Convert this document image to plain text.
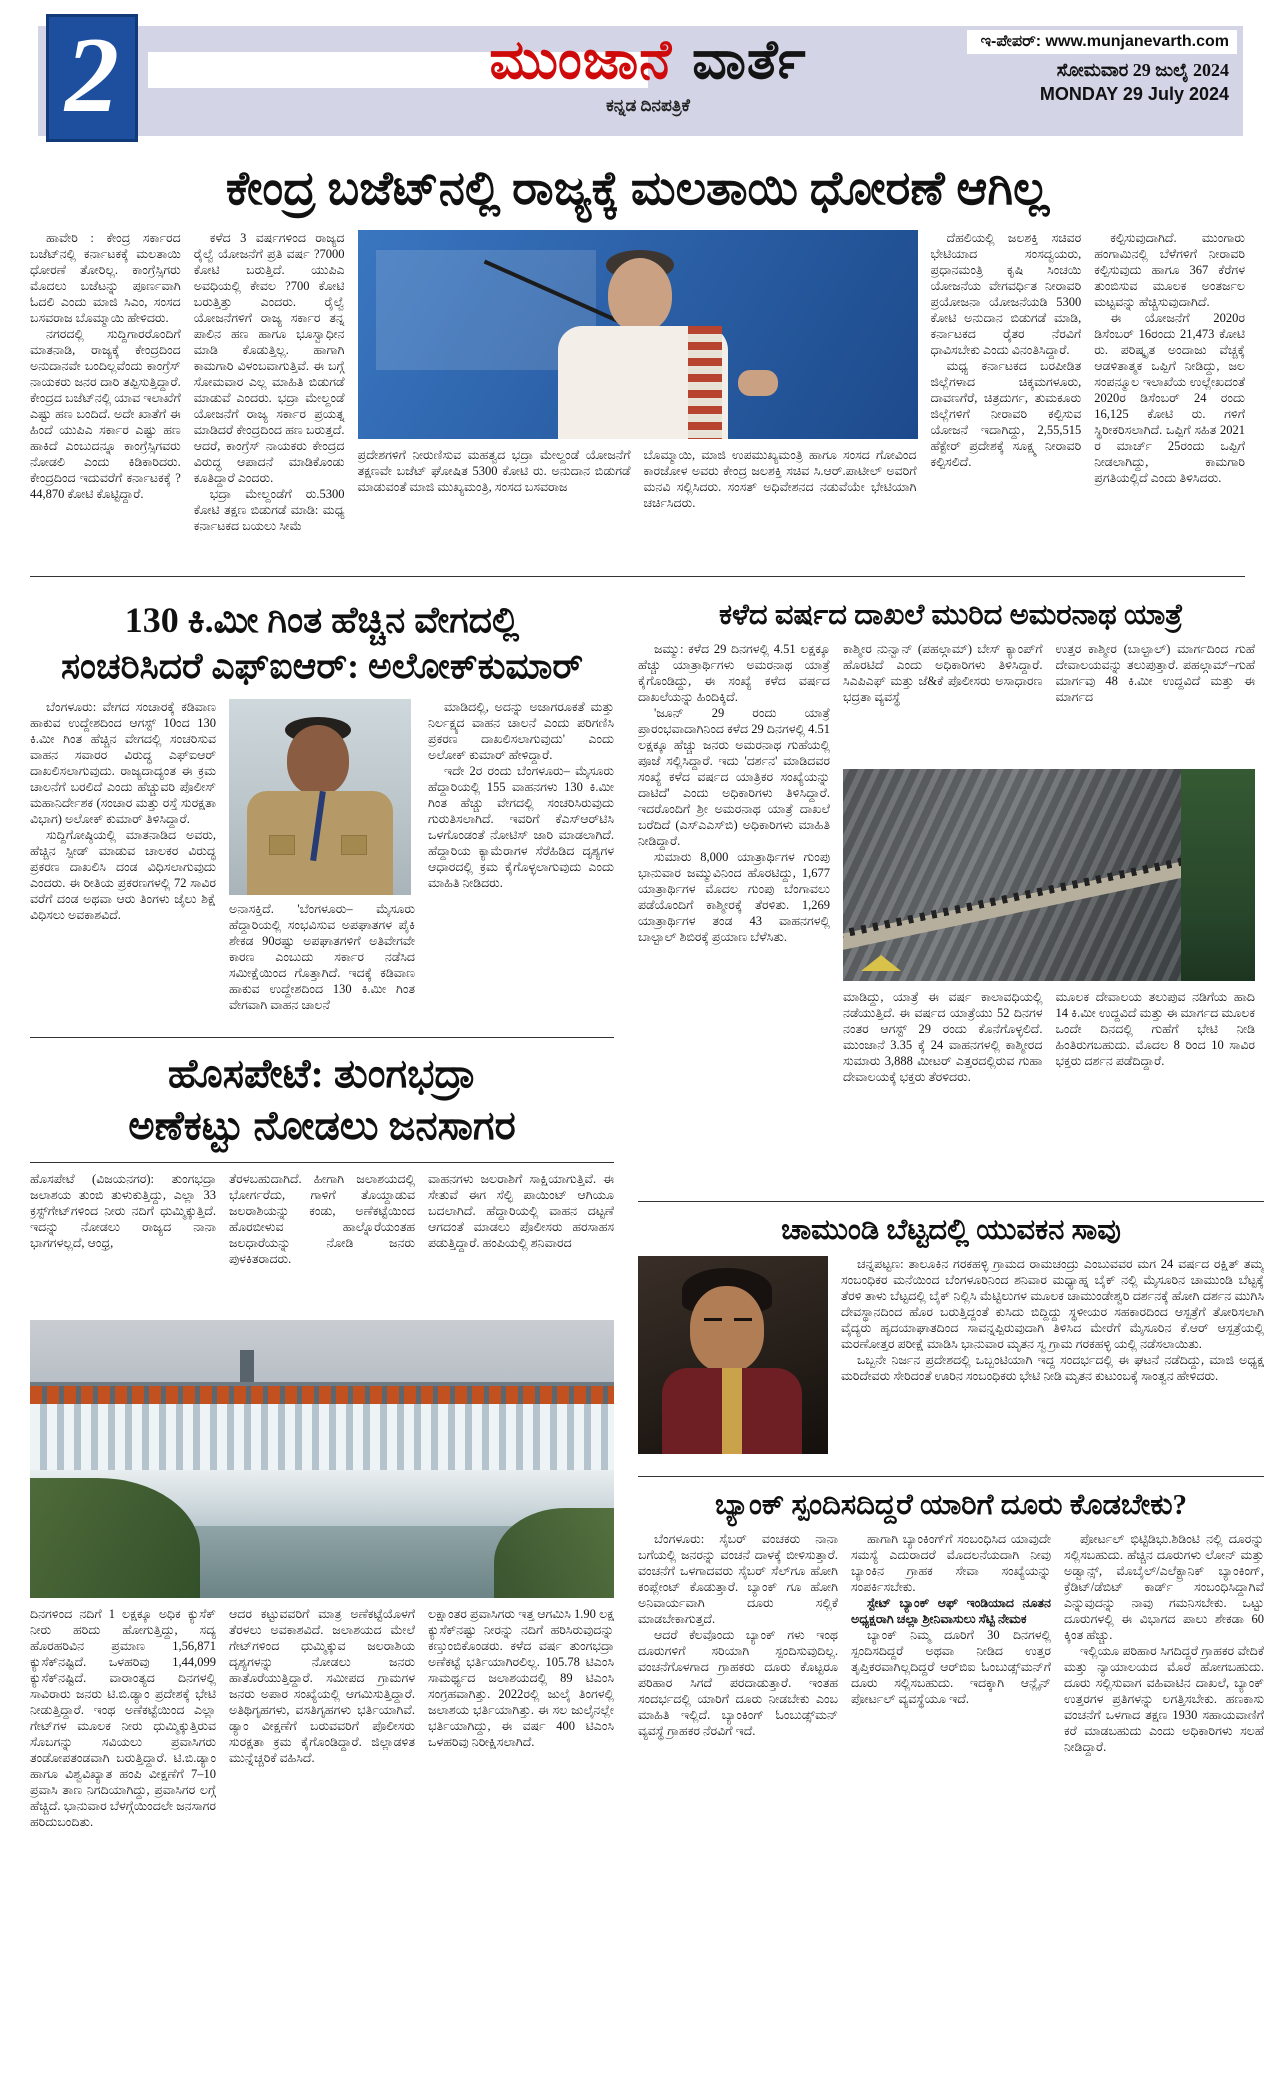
2	ಮುಂಜಾನೆ ವಾರ್ತೆ
ಕನ್ನಡ ದಿನಪತ್ರಿಕೆ
ಇ-ಪೇಪರ್: www.munjanevarth.com
ಸೋಮವಾರ 29 ಜುಲೈ 2024
MONDAY 29 July 2024
ಕೇಂದ್ರ ಬಜೆಟ್‌ನಲ್ಲಿ ರಾಜ್ಯಕ್ಕೆ ಮಲತಾಯಿ ಧೋರಣೆ ಆಗಿಲ್ಲ

ಹಾವೇರಿ : ಕೇಂದ್ರ ಸರ್ಕಾರದ ಬಜೆಟ್‌ನಲ್ಲಿ ಕರ್ನಾಟಕಕ್ಕೆ ಮಲತಾಯಿ ಧೋರಣೆ ತೋರಿಲ್ಲ. ಕಾಂಗ್ರೆಸ್ಸಿಗರು ಮೊದಲು ಬಜೆಟನ್ನು ಪೂರ್ಣವಾಗಿ ಓದಲಿ ಎಂದು ಮಾಜಿ ಸಿಎಂ, ಸಂಸದ ಬಸವರಾಜ ಬೊಮ್ಮಾಯಿ ಹೇಳಿದರು.

ನಗರದಲ್ಲಿ ಸುದ್ದಿಗಾರರೊಂದಿಗೆ ಮಾತನಾಡಿ, ರಾಜ್ಯಕ್ಕೆ ಕೇಂದ್ರದಿಂದ ಅನುದಾನವೇ ಬಂದಿಲ್ಲವೆಂದು ಕಾಂಗ್ರೆಸ್ ನಾಯಕರು ಜನರ ದಾರಿ ತಪ್ಪಿಸುತ್ತಿದ್ದಾರೆ. ಕೇಂದ್ರದ ಬಜೆಟ್‌ನಲ್ಲಿ ಯಾವ ಇಲಾಖೆಗೆ ಎಷ್ಟು ಹಣ ಬಂದಿದೆ. ಅದೇ ಖಾತೆಗೆ ಈ ಹಿಂದೆ ಯುಪಿಎ ಸರ್ಕಾರ ಎಷ್ಟು ಹಣ ಹಾಕಿದೆ ಎಂಬುದನ್ನೂ ಕಾಂಗ್ರೆಸ್ಸಿಗವರು ನೋಡಲಿ ಎಂದು ಕಿಡಿಕಾರಿದರು. ಕೇಂದ್ರದಿಂದ ಇದುವರೆಗೆ ಕರ್ನಾಟಕಕ್ಕೆ ?44,870 ಕೋಟಿ ಕೊಟ್ಟಿದ್ದಾರೆ.

ಕಳೆದ 3 ವರ್ಷಗಳಿಂದ ರಾಜ್ಯದ ರೈಲ್ವೆ ಯೋಜನೆಗೆ ಪ್ರತಿ ವರ್ಷ ?7000 ಕೋಟಿ ಬರುತ್ತಿದೆ. ಯುಪಿಎ ಅವಧಿಯಲ್ಲಿ ಕೇವಲ ?700 ಕೋಟಿ ಬರುತ್ತಿತ್ತು ಎಂದರು. ರೈಲ್ವೆ ಯೋಜನೆಗಳಿಗೆ ರಾಜ್ಯ ಸರ್ಕಾರ ತನ್ನ ಪಾಲಿನ ಹಣ ಹಾಗೂ ಭೂಸ್ವಾಧೀನ ಮಾಡಿ ಕೊಡುತ್ತಿಲ್ಲ. ಹಾಗಾಗಿ ಕಾಮಗಾರಿ ವಿಳಂಬವಾಗುತ್ತಿವೆ. ಈ ಬಗ್ಗೆ ಸೋಮವಾರ ಎಲ್ಲ ಮಾಹಿತಿ ಬಿಡುಗಡೆ ಮಾಡುವೆ ಎಂದರು. ಭದ್ರಾ ಮೇಲ್ದಂಡೆ ಯೋಜನೆಗೆ ರಾಜ್ಯ ಸರ್ಕಾರ ಪ್ರಯತ್ನ ಮಾಡಿದರೆ ಕೇಂದ್ರದಿಂದ ಹಣ ಬರುತ್ತದೆ. ಆದರೆ, ಕಾಂಗ್ರೆಸ್ ನಾಯಕರು ಕೇಂದ್ರದ ವಿರುದ್ಧ ಆಪಾದನೆ ಮಾಡಿಕೊಂಡು ಕೂತಿದ್ದಾರೆ ಎಂದರು.

ಭದ್ರಾ ಮೇಲ್ದಂಡೆಗೆ ರು.5300 ಕೋಟಿ ತಕ್ಷಣ ಬಿಡುಗಡೆ ಮಾಡಿ: ಮಧ್ಯ ಕರ್ನಾಟಕದ ಬಯಲು ಸೀಮೆ

ಪ್ರದೇಶಗಳಿಗೆ ನೀರುಣಿಸುವ ಮಹತ್ವದ ಭದ್ರಾ ಮೇಲ್ದಂಡೆ ಯೋಜನೆಗೆ ತಕ್ಷಣವೇ ಬಜೆಟ್ ಘೋಷಿತ 5300 ಕೋಟಿ ರು. ಅನುದಾನ ಬಿಡುಗಡೆ ಮಾಡುವಂತೆ ಮಾಜಿ ಮುಖ್ಯಮಂತ್ರಿ, ಸಂಸದ ಬಸವರಾಜ
ಬೊಮ್ಮಾಯಿ, ಮಾಜಿ ಉಪಮುಖ್ಯಮಂತ್ರಿ ಹಾಗೂ ಸಂಸದ ಗೋವಿಂದ ಕಾರಜೋಳ ಅವರು ಕೇಂದ್ರ ಜಲಶಕ್ತಿ ಸಚಿವ ಸಿ.ಆರ್.ಪಾಟೀಲ್ ಅವರಿಗೆ ಮನವಿ ಸಲ್ಲಿಸಿದರು. ಸಂಸತ್ ಅಧಿವೇಶನದ ನಡುವೆಯೇ ಭೇಟಿಯಾಗಿ ಚರ್ಚಿಸಿದರು.

ದೆಹಲಿಯಲ್ಲಿ ಜಲಶಕ್ತಿ ಸಚಿವರ ಭೇಟಿಯಾದ ಸಂಸದ್ವಯರು, ಪ್ರಧಾನಮಂತ್ರಿ ಕೃಷಿ ಸಿಂಚಯಿ ಯೋಜನೆಯ ವೇಗವರ್ಧಿತ ನೀರಾವರಿ ಪ್ರಯೋಜನಾ ಯೋಜನೆಯಡಿ 5300 ಕೋಟಿ ಅನುದಾನ ಬಿಡುಗಡೆ ಮಾಡಿ, ಕರ್ನಾಟಕದ ರೈತರ ನೆರವಿಗೆ ಧಾವಿಸಬೇಕು ಎಂದು ವಿನಂತಿಸಿದ್ದಾರೆ.

ಮಧ್ಯ ಕರ್ನಾಟಕದ ಬರಪೀಡಿತ ಜಿಲ್ಲೆಗಳಾದ ಚಿಕ್ಕಮಗಳೂರು, ದಾವಣಗೆರೆ, ಚಿತ್ರದುರ್ಗ, ತುಮಕೂರು ಜಿಲ್ಲೆಗಳಿಗೆ ನೀರಾವರಿ ಕಲ್ಪಿಸುವ ಯೋಜನೆ ಇದಾಗಿದ್ದು, 2,55,515 ಹೆಕ್ಟೇರ್ ಪ್ರದೇಶಕ್ಕೆ ಸೂಕ್ಷ್ಮ ನೀರಾವರಿ ಕಲ್ಪಿಸಲಿದೆ.

ಕಲ್ಪಿಸುವುದಾಗಿದೆ. ಮುಂಗಾರು ಹಂಗಾಮಿನಲ್ಲಿ ಬೆಳೆಗಳಿಗೆ ನೀರಾವರಿ ಕಲ್ಪಿಸುವುದು ಹಾಗೂ 367 ಕೆರೆಗಳ ತುಂಬಿಸುವ ಮೂಲಕ ಅಂತರ್ಜಲ ಮಟ್ಟವನ್ನು ಹೆಚ್ಚಿಸುವುದಾಗಿದೆ.

ಈ ಯೋಜನೆಗೆ 2020ರ ಡಿಸೆಂಬರ್ 16ರಂದು 21,473 ಕೋಟಿ ರು. ಪರಿಷ್ಕೃತ ಅಂದಾಜು ವೆಚ್ಚಕ್ಕೆ ಆಡಳಿತಾತ್ಮಕ ಒಪ್ಪಿಗೆ ನೀಡಿದ್ದು, ಜಲ ಸಂಪನ್ಮೂಲ ಇಲಾಖೆಯ ಉಲ್ಲೇಖದಂತೆ 2020ರ ಡಿಸೆಂಬರ್ 24 ರಂದು 16,125 ಕೋಟಿ ರು. ಗಳಿಗೆ ಸ್ಥಿರೀಕರಿಸಲಾಗಿದೆ. ಒಪ್ಪಿಗೆ ಸಹಿತ 2021 ರ ಮಾರ್ಚ್ 25ರಂದು ಒಪ್ಪಿಗೆ ನೀಡಲಾಗಿದ್ದು, ಕಾಮಗಾರಿ ಪ್ರಗತಿಯಲ್ಲಿದೆ ಎಂದು ತಿಳಿಸಿದರು.

130 ಕಿ.ಮೀ ಗಿಂತ ಹೆಚ್ಚಿನ ವೇಗದಲ್ಲಿ
ಸಂಚರಿಸಿದರೆ ಎಫ್‌ಐಆರ್: ಅಲೋಕ್‌ಕುಮಾರ್

ಬೆಂಗಳೂರು: ವೇಗದ ಸಂಚಾರಕ್ಕೆ ಕಡಿವಾಣ ಹಾಕುವ ಉದ್ದೇಶದಿಂದ ಆಗಸ್ಟ್ 10ಂದ 130 ಕಿ.ಮೀ ಗಿಂತ ಹೆಚ್ಚಿನ ವೇಗದಲ್ಲಿ ಸಂಚರಿಸುವ ವಾಹನ ಸವಾರರ ವಿರುದ್ಧ ಎಫ್‌ಐಆರ್ ದಾಖಲಿಸಲಾಗುವುದು. ರಾಜ್ಯದಾದ್ಯಂತ ಈ ಕ್ರಮ ಚಾಲನೆಗೆ ಬರಲಿದೆ ಎಂದು ಹೆಚ್ಚುವರಿ ಪೊಲೀಸ್ ಮಹಾನಿರ್ದೇಶಕ (ಸಂಚಾರ ಮತ್ತು ರಸ್ತೆ ಸುರಕ್ಷತಾ ವಿಭಾಗ) ಅಲೋಕ್ ಕುಮಾರ್ ತಿಳಿಸಿದ್ದಾರೆ.

ಸುದ್ದಿಗೋಷ್ಠಿಯಲ್ಲಿ ಮಾತನಾಡಿದ ಅವರು, ಹೆಚ್ಚಿನ ಸ್ಪೀಡ್ ಮಾಡುವ ಚಾಲಕರ ವಿರುದ್ಧ ಪ್ರಕರಣ ದಾಖಲಿಸಿ ದಂಡ ವಿಧಿಸಲಾಗುವುದು ಎಂದರು. ಈ ರೀತಿಯ ಪ್ರಕರಣಗಳಲ್ಲಿ 72 ಸಾವಿರ ವರೆಗೆ ದಂಡ ಅಥವಾ ಆರು ತಿಂಗಳು ಜೈಲು ಶಿಕ್ಷೆ ವಿಧಿಸಲು ಅವಕಾಶವಿದೆ.	ಅನಾಸಕ್ತಿದೆ. 'ಬೆಂಗಳೂರು– ಮೈಸೂರು ಹೆದ್ದಾರಿಯಲ್ಲಿ ಸಂಭವಿಸುವ ಅಪಘಾತಗಳ ಪೈಕಿ ಶೇಕಡ 90ರಷ್ಟು ಅಪಘಾತಗಳಿಗೆ ಅತಿವೇಗವೇ ಕಾರಣ ಎಂಬುದು ಸರ್ಕಾರ ನಡೆಸಿದ ಸಮೀಕ್ಷೆಯಿಂದ ಗೊತ್ತಾಗಿದೆ. ಇದಕ್ಕೆ ಕಡಿವಾಣ ಹಾಕುವ ಉದ್ದೇಶದಿಂದ 130 ಕಿ.ಮೀ ಗಿಂತ ವೇಗವಾಗಿ ವಾಹನ ಚಾಲನೆ

ಮಾಡಿದಲ್ಲಿ, ಅದನ್ನು ಅಜಾಗರೂಕತೆ ಮತ್ತು ನಿರ್ಲಕ್ಷ್ಯದ ವಾಹನ ಚಾಲನೆ ಎಂದು ಪರಿಗಣಿಸಿ ಪ್ರಕರಣ ದಾಖಲಿಸಲಾಗುವುದು' ಎಂದು ಅಲೋಕ್ ಕುಮಾರ್ ಹೇಳಿದ್ದಾರೆ.

ಇದೇ 2ರ ರಂದು ಬೆಂಗಳೂರು– ಮೈಸೂರು ಹೆದ್ದಾರಿಯಲ್ಲಿ 155 ವಾಹನಗಳು 130 ಕಿ.ಮೀ ಗಿಂತ ಹೆಚ್ಚು ವೇಗದಲ್ಲಿ ಸಂಚರಿಸಿರುವುದು ಗುರುತಿಸಲಾಗಿದೆ. ಇವರಿಗೆ ಕೆಎಸ್‌ಆರ್‌ಟಿಸಿ ಒಳಗೊಂಡಂತೆ ನೋಟಿಸ್ ಜಾರಿ ಮಾಡಲಾಗಿದೆ. ಹೆದ್ದಾರಿಯ ಕ್ಯಾಮೆರಾಗಳ ಸೆರೆಹಿಡಿದ ದೃಶ್ಯಗಳ ಆಧಾರದಲ್ಲಿ ಕ್ರಮ ಕೈಗೊಳ್ಳಲಾಗುವುದು ಎಂದು ಮಾಹಿತಿ ನೀಡಿದರು.

ಹೊಸಪೇಟೆ: ತುಂಗಭದ್ರಾ
ಅಣೆಕಟ್ಟು ನೋಡಲು ಜನಸಾಗರ
ಹೊಸಪೇಟೆ (ವಿಜಯನಗರ): ತುಂಗಭದ್ರಾ ಜಲಾಶಯ ತುಂಬಿ ತುಳುಕುತ್ತಿದ್ದು, ಎಲ್ಲಾ 33 ಕ್ರಸ್ಟ್‌ಗೇಟ್‌ಗಳಿಂದ ನೀರು ನದಿಗೆ ಧುಮ್ಮಿಕ್ಕುತ್ತಿದೆ. ಇದನ್ನು ನೋಡಲು ರಾಜ್ಯದ ನಾನಾ ಭಾಗಗಳಲ್ಲದೆ, ಆಂಧ್ರ,
ತೆರಳಬಹುದಾಗಿದೆ. ಹೀಗಾಗಿ ಜಲಾಶಯದಲ್ಲಿ ಭೋರ್ಗರೆದು, ಗಾಳಿಗೆ ತೊಯ್ದಾಡುವ ಜಲರಾಶಿಯನ್ನು ಕಂಡು, ಅಣೆಕಟ್ಟೆಯಿಂದ ಹೊರಬೀಳುವ ಹಾಲ್ನೊರೆಯಂತಹ ಜಲಧಾರೆಯನ್ನು ನೋಡಿ ಜನರು ಪುಳಕಿತರಾದರು.
ವಾಹನಗಳು ಜಲರಾಶಿಗೆ ಸಾಕ್ಷಿಯಾಗುತ್ತಿವೆ. ಈ ಸೇತುವೆ ಈಗ ಸೆಲ್ಫಿ ಪಾಯಿಂಟ್ ಆಗಿಯೂ ಬದಲಾಗಿದೆ. ಹೆದ್ದಾರಿಯಲ್ಲಿ ವಾಹನ ದಟ್ಟಣೆ ಆಗದಂತೆ ಮಾಡಲು ಪೊಲೀಸರು ಹರಸಾಹಸ ಪಡುತ್ತಿದ್ದಾರೆ. ಹಂಪಿಯಲ್ಲಿ ಶನಿವಾರದ
ದಿನಗಳಿಂದ ನದಿಗೆ 1 ಲಕ್ಷಕ್ಕೂ ಅಧಿಕ ಕ್ಯುಸೆಕ್ ನೀರು ಹರಿದು ಹೋಗುತ್ತಿದ್ದು, ಸದ್ಯ ಹೊರಹರಿವಿನ ಪ್ರಮಾಣ 1,56,871 ಕ್ಯುಸೆಕ್‌ನಷ್ಟಿದೆ. ಒಳಹರಿವು 1,44,099 ಕ್ಯುಸೆಕ್‌ನಷ್ಟಿದೆ. ವಾರಾಂತ್ಯದ ದಿನಗಳಲ್ಲಿ ಸಾವಿರಾರು ಜನರು ಟಿ.ಬಿ.ಡ್ಯಾಂ ಪ್ರದೇಶಕ್ಕೆ ಭೇಟಿ ನೀಡುತ್ತಿದ್ದಾರೆ. ಇಂಥ ಅಣೆಕಟ್ಟೆಯಿಂದ ಎಲ್ಲಾ ಗೇಟ್‌ಗಳ ಮೂಲಕ ನೀರು ಧುಮ್ಮಿಕ್ಕುತ್ತಿರುವ ಸೊಬಗನ್ನು ಸವಿಯಲು ಪ್ರವಾಸಿಗರು ತಂಡೋಪತಂಡವಾಗಿ ಬರುತ್ತಿದ್ದಾರೆ. ಟಿ.ಬಿ.ಡ್ಯಾಂ ಹಾಗೂ ವಿಶ್ವವಿಖ್ಯಾತ ಹಂಪಿ ವೀಕ್ಷಣೆಗೆ 7–10 ಪ್ರವಾಸಿ ತಾಣ ನಿಗದಿಯಾಗಿದ್ದು, ಪ್ರವಾಸಿಗರ ಲಗ್ಗೆ ಹೆಚ್ಚಿದೆ. ಭಾನುವಾರ ಬೆಳಗ್ಗೆಯಿಂದಲೇ ಜನಸಾಗರ ಹರಿದುಬಂದಿತು.
ಆದರ ಕಟ್ಟುವವರಿಗೆ ಮಾತ್ರ ಅಣೆಕಟ್ಟೆಯೊಳಗೆ ತೆರಳಲು ಅವಕಾಶವಿದೆ. ಜಲಾಶಯದ ಮೇಲೆ ಗೇಟ್‌ಗಳಿಂದ ಧುಮ್ಮಿಕ್ಕುವ ಜಲರಾಶಿಯ ದೃಶ್ಯಗಳನ್ನು ನೋಡಲು ಜನರು ಹಾತೊರೆಯುತ್ತಿದ್ದಾರೆ. ಸಮೀಪದ ಗ್ರಾಮಗಳ ಜನರು ಅಪಾರ ಸಂಖ್ಯೆಯಲ್ಲಿ ಆಗಮಿಸುತ್ತಿದ್ದಾರೆ. ಅತಿಥಿಗೃಹಗಳು, ವಸತಿಗೃಹಗಳು ಭರ್ತಿಯಾಗಿವೆ. ಡ್ಯಾಂ ವೀಕ್ಷಣೆಗೆ ಬರುವವರಿಗೆ ಪೊಲೀಸರು ಸುರಕ್ಷತಾ ಕ್ರಮ ಕೈಗೊಂಡಿದ್ದಾರೆ. ಜಿಲ್ಲಾಡಳಿತ ಮುನ್ನೆಚ್ಚರಿಕೆ ವಹಿಸಿದೆ.
ಲಕ್ಷಾಂತರ ಪ್ರವಾಸಿಗರು ಇತ್ತ ಆಗಮಿಸಿ 1.90 ಲಕ್ಷ ಕ್ಯುಸೆಕ್‌ನಷ್ಟು ನೀರನ್ನು ನದಿಗೆ ಹರಿಸಿರುವುದನ್ನು ಕಣ್ತುಂಬಿಕೊಂಡರು. ಕಳೆದ ವರ್ಷ ತುಂಗಭದ್ರಾ ಅಣೆಕಟ್ಟೆ ಭರ್ತಿಯಾಗಿರಲಿಲ್ಲ. 105.78 ಟಿಎಂಸಿ ಸಾಮರ್ಥ್ಯದ ಜಲಾಶಯದಲ್ಲಿ 89 ಟಿಎಂಸಿ ಸಂಗ್ರಹವಾಗಿತ್ತು. 2022ರಲ್ಲಿ ಜುಲೈ ತಿಂಗಳಲ್ಲಿ ಜಲಾಶಯ ಭರ್ತಿಯಾಗಿತ್ತು. ಈ ಸಲ ಜುಲೈನಲ್ಲೇ ಭರ್ತಿಯಾಗಿದ್ದು, ಈ ವರ್ಷ 400 ಟಿಎಂಸಿ ಒಳಹರಿವು ನಿರೀಕ್ಷಿಸಲಾಗಿದೆ.
ಕಳೆದ ವರ್ಷದ ದಾಖಲೆ ಮುರಿದ ಅಮರನಾಥ ಯಾತ್ರೆ

ಜಮ್ಮು: ಕಳೆದ 29 ದಿನಗಳಲ್ಲಿ 4.51 ಲಕ್ಷಕ್ಕೂ ಹೆಚ್ಚು ಯಾತ್ರಾರ್ಥಿಗಳು ಅಮರನಾಥ ಯಾತ್ರೆ ಕೈಗೊಂಡಿದ್ದು, ಈ ಸಂಖ್ಯೆ ಕಳೆದ ವರ್ಷದ ದಾಖಲೆಯನ್ನು ಹಿಂದಿಕ್ಕಿದೆ.

'ಜೂನ್ 29 ರಂದು ಯಾತ್ರೆ ಪ್ರಾರಂಭವಾದಾಗಿನಿಂದ ಕಳೆದ 29 ದಿನಗಳಲ್ಲಿ 4.51 ಲಕ್ಷಕ್ಕೂ ಹೆಚ್ಚು ಜನರು ಅಮರನಾಥ ಗುಹೆಯಲ್ಲಿ ಪೂಜೆ ಸಲ್ಲಿಸಿದ್ದಾರೆ. ಇದು 'ದರ್ಶನ' ಮಾಡಿದವರ ಸಂಖ್ಯೆ ಕಳೆದ ವರ್ಷದ ಯಾತ್ರಿಕರ ಸಂಖ್ಯೆಯನ್ನು ದಾಟಿದೆ' ಎಂದು ಅಧಿಕಾರಿಗಳು ತಿಳಿಸಿದ್ದಾರೆ. ಇದರೊಂದಿಗೆ ಶ್ರೀ ಅಮರನಾಥ ಯಾತ್ರೆ ದಾಖಲೆ ಬರೆದಿದೆ (ಎಸ್‌ಎಎಸ್‌ಬಿ) ಅಧಿಕಾರಿಗಳು ಮಾಹಿತಿ ನೀಡಿದ್ದಾರೆ.

ಸುಮಾರು 8,000 ಯಾತ್ರಾರ್ಥಿಗಳ ಗುಂಪು ಭಾನುವಾರ ಜಮ್ಮುವಿನಿಂದ ಹೊರಟಿದ್ದು, 1,677 ಯಾತ್ರಾರ್ಥಿಗಳ ಮೊದಲ ಗುಂಪು ಬೆಂಗಾವಲು ಪಡೆಯೊಂದಿಗೆ ಕಾಶ್ಮೀರಕ್ಕೆ ತೆರಳಿತು. 1,269 ಯಾತ್ರಾರ್ಥಿಗಳ ತಂಡ 43 ವಾಹನಗಳಲ್ಲಿ ಬಾಲ್ಟಾಲ್ ಶಿಬಿರಕ್ಕೆ ಪ್ರಯಾಣ ಬೆಳೆಸಿತು.

ಕಾಶ್ಮೀರ ನುನ್ವಾನ್ (ಪಹಲ್ಗಾಮ್) ಬೇಸ್ ಕ್ಯಾಂಪ್‌ಗೆ ಹೊರಟಿದೆ ಎಂದು ಅಧಿಕಾರಿಗಳು ತಿಳಿಸಿದ್ದಾರೆ. ಸಿಎಪಿಎಫ್ ಮತ್ತು ಜೆ&ಕೆ ಪೊಲೀಸರು ಅಸಾಧಾರಣ ಭದ್ರತಾ ವ್ಯವಸ್ಥೆ
ಉತ್ತರ ಕಾಶ್ಮೀರ (ಬಾಲ್ಟಾಲ್) ಮಾರ್ಗದಿಂದ ಗುಹೆ ದೇವಾಲಯವನ್ನು ತಲುಪುತ್ತಾರೆ. ಪಹಲ್ಗಾಮ್–ಗುಹೆ ಮಾರ್ಗವು 48 ಕಿ.ಮೀ ಉದ್ದವಿದೆ ಮತ್ತು ಈ ಮಾರ್ಗದ
ಮಾಡಿದ್ದು, ಯಾತ್ರೆ ಈ ವರ್ಷ ಕಾಲಾವಧಿಯಲ್ಲಿ ನಡೆಯುತ್ತಿದೆ. ಈ ವರ್ಷದ ಯಾತ್ರೆಯು 52 ದಿನಗಳ ನಂತರ ಆಗಸ್ಟ್ 29 ರಂದು ಕೊನೆಗೊಳ್ಳಲಿದೆ. ಮುಂಜಾನೆ 3.35 ಕ್ಕೆ 24 ವಾಹನಗಳಲ್ಲಿ ಕಾಶ್ಮೀರದ ಸುಮಾರು 3,888 ಮೀಟರ್ ಎತ್ತರದಲ್ಲಿರುವ ಗುಹಾ ದೇವಾಲಯಕ್ಕೆ ಭಕ್ತರು ತೆರಳಿದರು.
ಮೂಲಕ ದೇವಾಲಯ ತಲುಪುವ ನಡಿಗೆಯ ಹಾದಿ 14 ಕಿ.ಮೀ ಉದ್ದವಿದೆ ಮತ್ತು ಈ ಮಾರ್ಗದ ಮೂಲಕ ಒಂದೇ ದಿನದಲ್ಲಿ ಗುಹೆಗೆ ಭೇಟಿ ನೀಡಿ ಹಿಂತಿರುಗಬಹುದು. ಮೊದಲ 8 ರಿಂದ 10 ಸಾವಿರ ಭಕ್ತರು ದರ್ಶನ ಪಡೆದಿದ್ದಾರೆ.
ಚಾಮುಂಡಿ ಬೆಟ್ಟದಲ್ಲಿ ಯುವಕನ ಸಾವು

ಚನ್ನಪಟ್ಟಣ: ತಾಲೂಕಿನ ಗರಕಹಳ್ಳಿ ಗ್ರಾಮದ ರಾಮಚಂದ್ರು ಎಂಬುವವರ ಮಗ 24 ವರ್ಷದ ರಕ್ಷಿತ್ ತಮ್ಮ ಸಂಬಂಧಿಕರ ಮನೆಯಿಂದ ಬೆಂಗಳೂರಿನಿಂದ ಶನಿವಾರ ಮಧ್ಯಾಹ್ನ ಬೈಕ್ ನಲ್ಲಿ ಮೈಸೂರಿನ ಚಾಮುಂಡಿ ಬೆಟ್ಟಕ್ಕೆ ತೆರಳಿ ತಾಳು ಬೆಟ್ಟದಲ್ಲಿ ಬೈಕ್ ನಿಲ್ಲಿಸಿ ಮೆಟ್ಟಿಲುಗಳ ಮೂಲಕ ಚಾಮುಂಡೇಶ್ವರಿ ದರ್ಶನಕ್ಕೆ ಹೋಗಿ ದರ್ಶನ ಮುಗಿಸಿ ದೇವಸ್ಥಾನದಿಂದ ಹೊರ ಬರುತ್ತಿದ್ದಂತೆ ಕುಸಿದು ಬಿದ್ದಿದ್ದು ಸ್ಥಳೀಯರ ಸಹಕಾರದಿಂದ ಆಸ್ಪತ್ರೆಗೆ ತೋರಿಸಲಾಗಿ ವೈದ್ಯರು ಹೃದಯಾಘಾತದಿಂದ ಸಾವನ್ನಪ್ಪಿರುವುದಾಗಿ ತಿಳಿಸಿದ ಮೇರೆಗೆ ಮೈಸೂರಿನ ಕೆ.ಆರ್ ಆಸ್ಪತ್ರೆಯಲ್ಲಿ ಮರಣೋತ್ತರ ಪರೀಕ್ಷೆ ಮಾಡಿಸಿ ಭಾನುವಾರ ಮೃತನ ಸ್ವ ಗ್ರಾಮ ಗರಕಹಳ್ಳಿ ಯಲ್ಲಿ ನಡೆಸಲಾಯಿತು.

ಒಬ್ಬನೇ ನಿರ್ಜನ ಪ್ರದೇಶದಲ್ಲಿ ಒಬ್ಬಂಟಿಯಾಗಿ ಇದ್ದ ಸಂದರ್ಭದಲ್ಲಿ ಈ ಘಟನೆ ನಡೆದಿದ್ದು, ಮಾಜಿ ಅಧ್ಯಕ್ಷ ಮರಿದೇವರು ಸೇರಿದಂತೆ ಊರಿನ ಸಂಬಂಧಿಕರು ಭೇಟಿ ನೀಡಿ ಮೃತನ ಕುಟುಂಬಕ್ಕೆ ಸಾಂತ್ವನ ಹೇಳಿದರು.

ಬ್ಯಾಂಕ್ ಸ್ಪಂದಿಸದಿದ್ದರೆ ಯಾರಿಗೆ ದೂರು ಕೊಡಬೇಕು?

ಬೆಂಗಳೂರು: ಸೈಬರ್ ವಂಚಕರು ನಾನಾ ಬಗೆಯಲ್ಲಿ ಜನರನ್ನು ವಂಚನೆ ದಾಳಕ್ಕೆ ಬೀಳಿಸುತ್ತಾರೆ. ವಂಚನೆಗೆ ಒಳಗಾದವರು ಸೈಬರ್ ಸೆಲ್‌ಗೂ ಹೋಗಿ ಕಂಪ್ಲೇಂಟ್ ಕೊಡುತ್ತಾರೆ. ಬ್ಯಾಂಕ್ ಗೂ ಹೋಗಿ ಅನಿವಾರ್ಯವಾಗಿ ದೂರು ಸಲ್ಲಿಕೆ ಮಾಡಬೇಕಾಗುತ್ತದೆ.

ಆದರೆ ಕೆಲವೊಂದು ಬ್ಯಾಂಕ್ ಗಳು ಇಂಥ ದೂರುಗಳಿಗೆ ಸರಿಯಾಗಿ ಸ್ಪಂದಿಸುವುದಿಲ್ಲ. ವಂಚನೆಗೊಳಗಾದ ಗ್ರಾಹಕರು ದೂರು ಕೊಟ್ಟರೂ ಪರಿಹಾರ ಸಿಗದೆ ಪರದಾಡುತ್ತಾರೆ. ಇಂತಹ ಸಂದರ್ಭದಲ್ಲಿ ಯಾರಿಗೆ ದೂರು ನೀಡಬೇಕು ಎಂಬ ಮಾಹಿತಿ ಇಲ್ಲಿದೆ. ಬ್ಯಾಂಕಿಂಗ್ ಓಂಬುಡ್ಸ್‌ಮನ್ ವ್ಯವಸ್ಥೆ ಗ್ರಾಹಕರ ನೆರವಿಗೆ ಇದೆ.

ಹಾಗಾಗಿ ಬ್ಯಾಂಕಿಂಗ್‌ಗೆ ಸಂಬಂಧಿಸಿದ ಯಾವುದೇ ಸಮಸ್ಯೆ ಎದುರಾದರೆ ಮೊದಲನೆಯದಾಗಿ ನೀವು ಬ್ಯಾಂಕಿನ ಗ್ರಾಹಕ ಸೇವಾ ಸಂಖ್ಯೆಯನ್ನು ಸಂಪರ್ಕಿಸಬೇಕು.

ಸ್ಟೇಟ್ ಬ್ಯಾಂಕ್ ಆಫ್ ಇಂಡಿಯಾದ ನೂತನ ಅಧ್ಯಕ್ಷರಾಗಿ ಚಲ್ಲಾ ಶ್ರೀನಿವಾಸುಲು ಸೆಟ್ಟಿ ನೇಮಕ

ಬ್ಯಾಂಕ್ ನಿಮ್ಮ ದೂರಿಗೆ 30 ದಿನಗಳಲ್ಲಿ ಸ್ಪಂದಿಸದಿದ್ದರೆ ಅಥವಾ ನೀಡಿದ ಉತ್ತರ ತೃಪ್ತಿಕರವಾಗಿಲ್ಲದಿದ್ದರೆ ಆರ್‌ಬಿಐ ಓಂಬುಡ್ಸ್‌ಮನ್‌ಗೆ ದೂರು ಸಲ್ಲಿಸಬಹುದು. ಇದಕ್ಕಾಗಿ ಆನ್ಲೈನ್ ಪೋರ್ಟಲ್ ವ್ಯವಸ್ಥೆಯೂ ಇದೆ.

ಪೋರ್ಟಲ್ ಭಿಟ್ಟಿಡಿಭು.ಶಿಡಿಂಟಿ ನಲ್ಲಿ ದೂರನ್ನು ಸಲ್ಲಿಸಬಹುದು. ಹೆಚ್ಚಿನ ದೂರುಗಳು ಲೋನ್ ಮತ್ತು ಅಡ್ವಾನ್ಸ್, ಮೊಬೈಲ್/ಎಲೆಕ್ಟ್ರಾನಿಕ್ ಬ್ಯಾಂಕಿಂಗ್, ಕ್ರೆಡಿಟ್/ಡೆಬಿಟ್ ಕಾರ್ಡ್ ಸಂಬಂಧಿಸಿದ್ದಾಗಿವೆ ಎನ್ನುವುದನ್ನು ನಾವು ಗಮನಿಸಬೇಕು. ಒಟ್ಟು ದೂರುಗಳಲ್ಲಿ ಈ ವಿಭಾಗದ ಪಾಲು ಶೇಕಡಾ 60 ಕ್ಕಿಂತ ಹೆಚ್ಚು.

ಇಲ್ಲಿಯೂ ಪರಿಹಾರ ಸಿಗದಿದ್ದರೆ ಗ್ರಾಹಕರ ವೇದಿಕೆ ಮತ್ತು ನ್ಯಾಯಾಲಯದ ಮೊರೆ ಹೋಗಬಹುದು. ದೂರು ಸಲ್ಲಿಸುವಾಗ ವಹಿವಾಟಿನ ದಾಖಲೆ, ಬ್ಯಾಂಕ್ ಉತ್ತರಗಳ ಪ್ರತಿಗಳನ್ನು ಲಗತ್ತಿಸಬೇಕು. ಹಣಕಾಸು ವಂಚನೆಗೆ ಒಳಗಾದ ತಕ್ಷಣ 1930 ಸಹಾಯವಾಣಿಗೆ ಕರೆ ಮಾಡಬಹುದು ಎಂದು ಅಧಿಕಾರಿಗಳು ಸಲಹೆ ನೀಡಿದ್ದಾರೆ.
